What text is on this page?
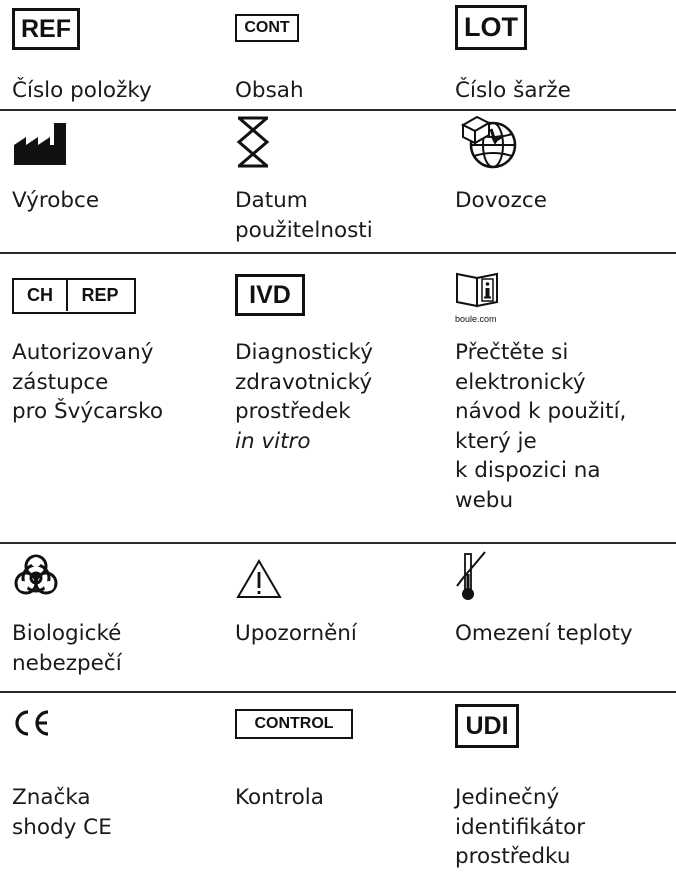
REF
Číslo položky
CONT
Obsah
LOT
Číslo šarže
Výrobce	Datum
použitelnosti
Dovozce
CH REP
Autorizovaný
zástupce
pro Švýcarsko
IVD
Diagnostický
zdravotnický
prostředek
in vitro
boule.com
Přečtěte si
elektronický
návod k použití,
který je
k dispozici na
webu
Biologické
nebezpečí
Upozornění	Omezení teploty
Značka
shody CE
CONTROL
Kontrola
UDI
Jedinečný
identifikátor
prostředku
